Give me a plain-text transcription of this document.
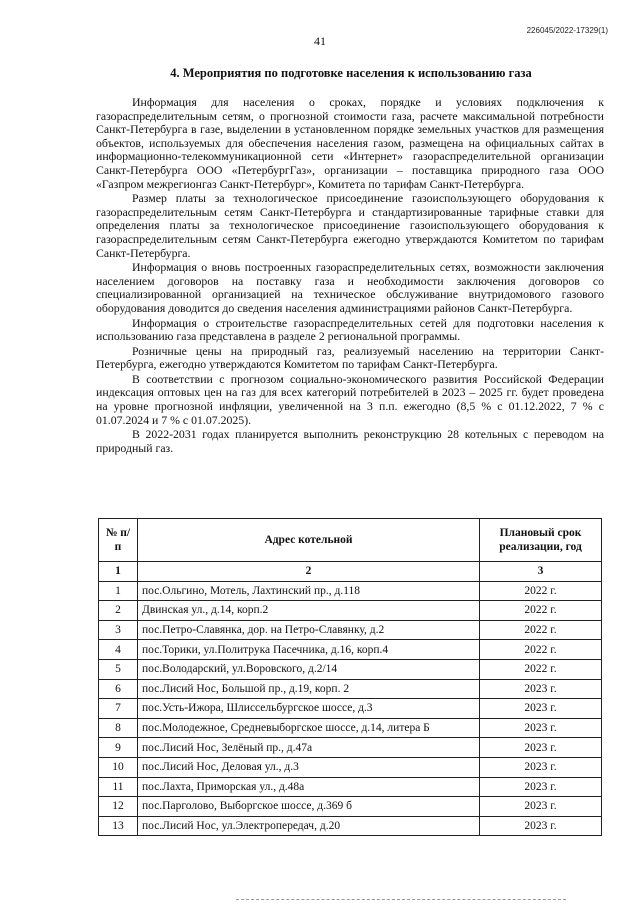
226045/2022-17329(1)
41
4. Мероприятия по подготовке населения к использованию газа

Информация для населения о сроках, порядке и условиях подключения к газораспределительным сетям, о прогнозной стоимости газа, расчете максимальной потребности Санкт-Петербурга в газе, выделении в установленном порядке земельных участков для размещения объектов, используемых для обеспечения населения газом, размещена на официальных сайтах в информационно-телекоммуникационной сети «Интернет» газораспределительной организации Санкт-Петербурга ООО «ПетербургГаз», организации – поставщика природного газа ООО «Газпром межрегионгаз Санкт-Петербург», Комитета по тарифам Санкт-Петербурга.

Размер платы за технологическое присоединение газоиспользующего оборудования к газораспределительным сетям Санкт-Петербурга и стандартизированные тарифные ставки для определения платы за технологическое присоединение газоиспользующего оборудования к газораспределительным сетям Санкт-Петербурга ежегодно утверждаются Комитетом по тарифам Санкт-Петербурга.

Информация о вновь построенных газораспределительных сетях, возможности заключения населением договоров на поставку газа и необходимости заключения договоров со специализированной организацией на техническое обслуживание внутридомового газового оборудования доводится до сведения населения администрациями районов Санкт-Петербурга.

Информация о строительстве газораспределительных сетей для подготовки населения к использованию газа представлена в разделе 2 региональной программы.

Розничные цены на природный газ, реализуемый населению на территории Санкт-Петербурга, ежегодно утверждаются Комитетом по тарифам Санкт-Петербурга.

В соответствии с прогнозом социально-экономического развития Российской Федерации индексация оптовых цен на газ для всех категорий потребителей в 2023 – 2025 гг. будет проведена на уровне прогнозной инфляции, увеличенной на 3 п.п. ежегодно (8,5 % с 01.12.2022, 7 % с 01.07.2024 и 7 % с 01.07.2025).

В 2022-2031 годах планируется выполнить реконструкцию 28 котельных с переводом на природный газ.

№ п/п	Адрес котельной	Плановый срок реализации, год
1	2	3
1	пос.Ольгино, Мотель, Лахтинский пр., д.118	2022 г.
2	Двинская ул., д.14, корп.2	2022 г.
3	пос.Петро-Славянка, дор. на Петро-Славянку, д.2	2022 г.
4	пос.Торики, ул.Политрука Пасечника, д.16, корп.4	2022 г.
5	пос.Володарский, ул.Воровского, д.2/14	2022 г.
6	пос.Лисий Нос, Большой пр., д.19, корп. 2	2023 г.
7	пос.Усть-Ижора, Шлиссельбургское шоссе, д.3	2023 г.
8	пос.Молодежное, Средневыборгское шоссе, д.14, литера Б	2023 г.
9	пос.Лисий Нос, Зелёный пр., д.47а	2023 г.
10	пос.Лисий Нос, Деловая ул., д.3	2023 г.
11	пос.Лахта, Приморская ул., д.48а	2023 г.
12	пос.Парголово, Выборгское шоссе, д.369 б	2023 г.
13	пос.Лисий Нос, ул.Электропередач, д.20	2023 г.
